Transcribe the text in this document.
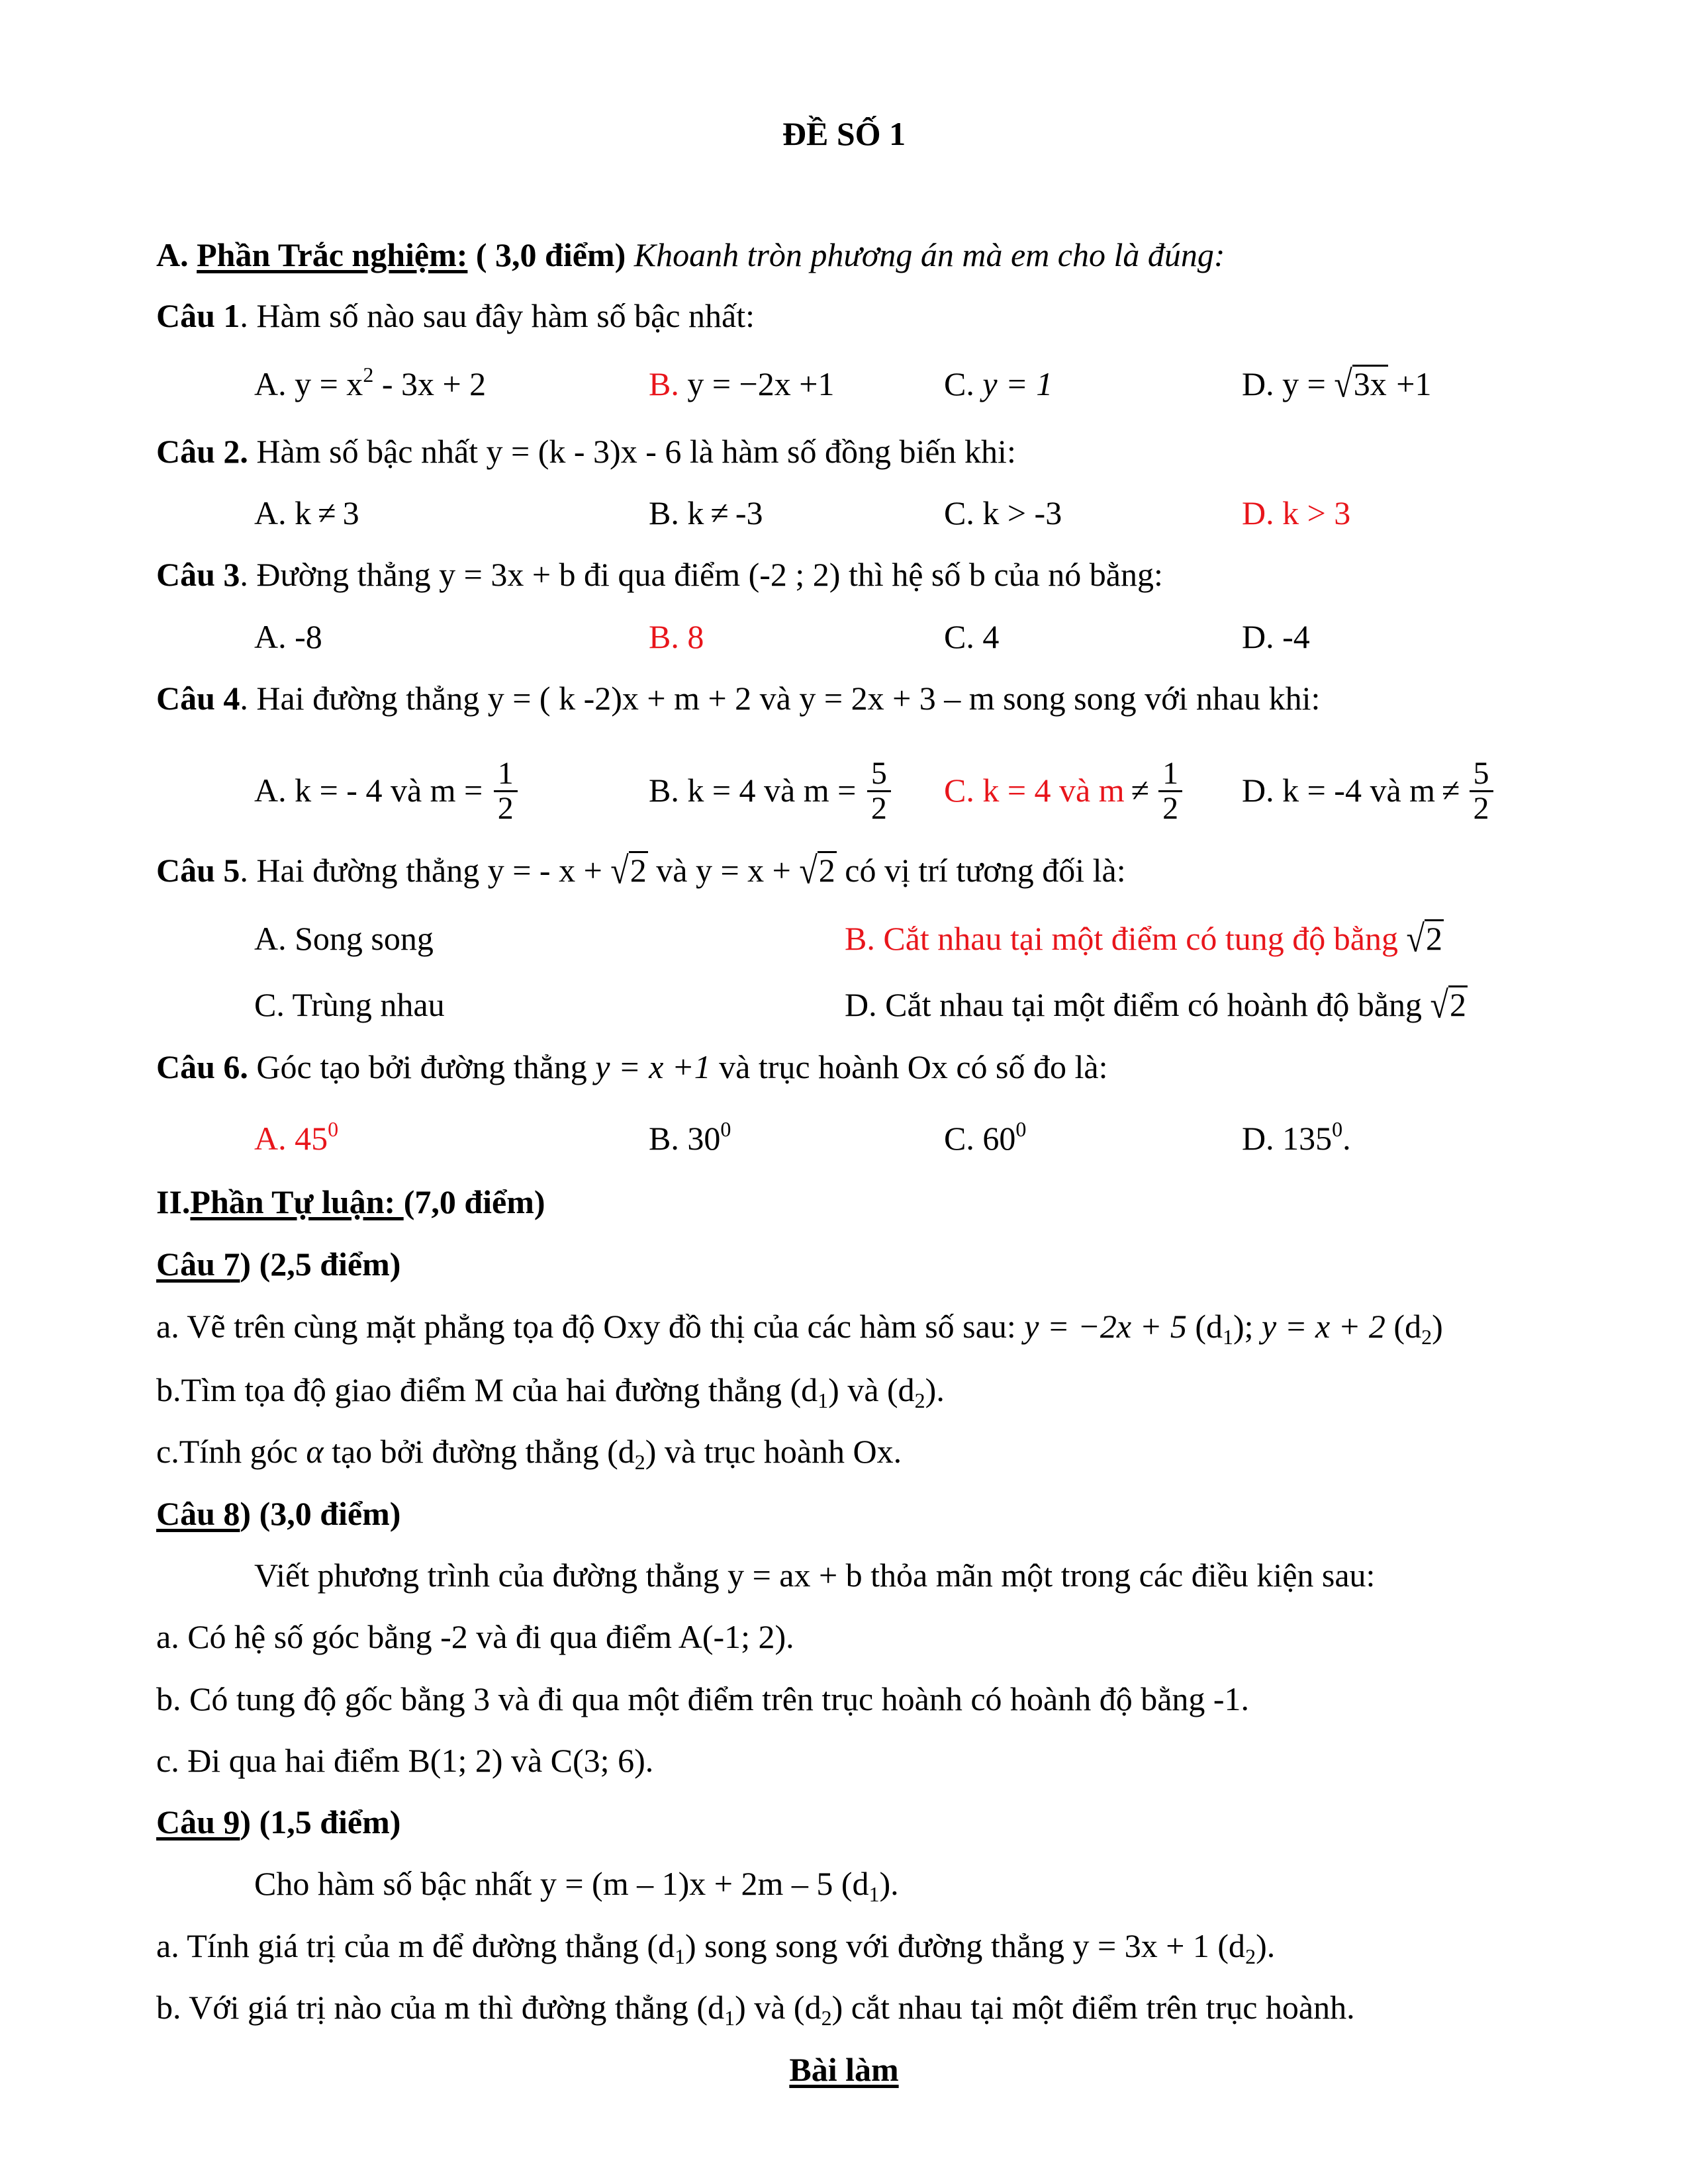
ĐỀ SỐ 1
A. Phần Trắc nghiệm: ( 3,0 điểm) Khoanh tròn phương án mà em cho là đúng:
Câu 1. Hàm số nào sau đây hàm số bậc nhất:
A. $y = x^2 - 3x + 2$	B. y = −2x +1	C. y = 1	D. y = √3x +1
Câu 2. Hàm số bậc nhất y = (k - 3)x - 6 là hàm số đồng biến khi:
A. k ≠ 3	B. k ≠ -3	C. k > -3	D. k > 3
Câu 3. Đường thẳng y = 3x + b đi qua điểm (-2 ; 2) thì hệ số b của nó bằng:
A. -8	B. 8	C. 4	D. -4
Câu 4. Hai đường thẳng y = ( k -2)x + m + 2 và y = 2x + 3 – m song song với nhau khi:
A. k = - 4 và $m = \frac{1}{2}$	B. k = 4 và $m = \frac{5}{2} C$. k = 4 và $m \ne \frac{1}{2} D$. k = -4 và $m \ne \frac{5}{2}$
Câu 5. Hai đường thẳng y = - x + √2 và y = x + √2 có vị trí tương đối là:
A. Song song	B. Cắt nhau tại một điểm có tung độ bằng √2
C. Trùng nhau	D. Cắt nhau tại một điểm có hoành độ bằng √2
Câu 6. Góc tạo bởi đường thẳng y = x +1 và trục hoành Ox có số đo là:
A. $45^0$	B. $30^0$	C. $60^0$	D. $135^0$.
II.Phần Tự luận: (7,0 điểm)
Câu 7) (2,5 điểm)
a. Vẽ trên cùng mặt phẳng tọa độ Oxy đồ thị của các hàm số sau: y = −2x + 5 $(d_1)$; y = x + 2 $(d_2)$
b.Tìm tọa độ giao điểm M của hai đường thẳng $(d_1)$ và $(d_2)$.
c.Tính góc α tạo bởi đường thẳng $(d_2)$ và trục hoành Ox.
Câu 8) (3,0 điểm)
Viết phương trình của đường thẳng y = ax + b thỏa mãn một trong các điều kiện sau:
a. Có hệ số góc bằng -2 và đi qua điểm A(-1; 2).
b. Có tung độ gốc bằng 3 và đi qua một điểm trên trục hoành có hoành độ bằng -1.
c. Đi qua hai điểm B(1; 2) và C(3; 6).
Câu 9) (1,5 điểm)
Cho hàm số bậc nhất y = (m – 1)x + 2m – 5 $(d_1)$.
a. Tính giá trị của m để đường thẳng $(d_1)$ song song với đường thẳng y = 3x + 1 $(d_2)$.
b. Với giá trị nào của m thì đường thẳng $(d_1)$ và $(d_2)$ cắt nhau tại một điểm trên trục hoành.
Bài làm
